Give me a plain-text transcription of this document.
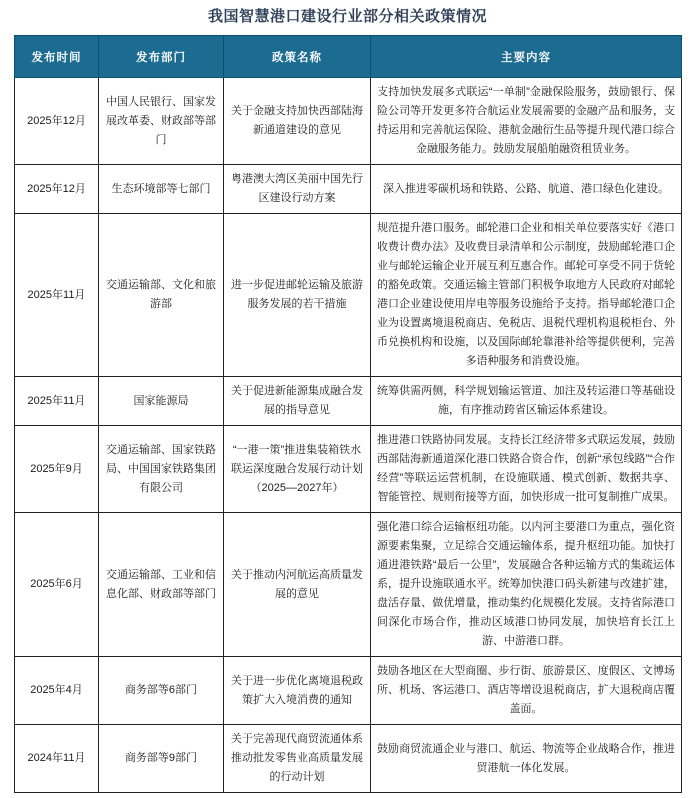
我国智慧港口建设行业部分相关政策情况
发布时间	发布部门	政策名称	主要内容
2025年12月	中国人民银行、国家发展改革委、财政部等部门	关于金融支持加快西部陆海新通道建设的意见	支持加快发展多式联运“一单制”金融保险服务，鼓励银行、保险公司等开发更多符合航运业发展需要的金融产品和服务，支持运用和完善航运保险、港航金融衍生品等提升现代港口综合金融服务能力。鼓励发展船舶融资租赁业务。
2025年12月	生态环境部等七部门	粤港澳大湾区美丽中国先行区建设行动方案	深入推进零碳机场和铁路、公路、航道、港口绿色化建设。
2025年11月	交通运输部、文化和旅游部	进一步促进邮轮运输及旅游服务发展的若干措施	规范提升港口服务。邮轮港口企业和相关单位要落实好《港口收费计费办法》及收费目录清单和公示制度，鼓励邮轮港口企业与邮轮运输企业开展互利互惠合作。邮轮可享受不同于货轮的豁免政策。交通运输主管部门积极争取地方人民政府对邮轮港口企业建设使用岸电等服务设施给予支持。指导邮轮港口企业为设置离境退税商店、免税店、退税代理机构退税柜台、外币兑换机构和设施，以及国际邮轮靠港补给等提供便利，完善多语种服务和消费设施。
2025年11月	国家能源局	关于促进新能源集成融合发展的指导意见	统筹供需两侧，科学规划输运管道、加注及转运港口等基础设施，有序推动跨省区输运体系建设。
2025年9月	交通运输部、国家铁路局、中国国家铁路集团有限公司	“一港一策”推进集装箱铁水联运深度融合发展行动计划（2025—2027年）	推进港口铁路协同发展。支持长江经济带多式联运发展，鼓励西部陆海新通道深化港口铁路合资合作，创新“承包线路”“合作经营”等联运运营机制，在设施联通、模式创新、数据共享、智能管控、规则衔接等方面，加快形成一批可复制推广成果。
2025年6月	交通运输部、工业和信息化部、财政部等部门	关于推动内河航运高质量发展的意见	强化港口综合运输枢纽功能。以内河主要港口为重点，强化资源要素集聚，立足综合交通运输体系，提升枢纽功能。加快打通进港铁路“最后一公里”，发展融合各种运输方式的集疏运体系，提升设施联通水平。统筹加快港口码头新建与改建扩建，盘活存量、做优增量，推动集约化规模化发展。支持省际港口间深化市场合作，推动区域港口协同发展，加快培育长江上游、中游港口群。
2025年4月	商务部等6部门	关于进一步优化离境退税政策扩大入境消费的通知	鼓励各地区在大型商圈、步行街、旅游景区、度假区、文博场所、机场、客运港口、酒店等增设退税商店，扩大退税商店覆盖面。
2024年11月	商务部等9部门	关于完善现代商贸流通体系推动批发零售业高质量发展的行动计划	鼓励商贸流通企业与港口、航运、物流等企业战略合作，推进贸港航一体化发展。
